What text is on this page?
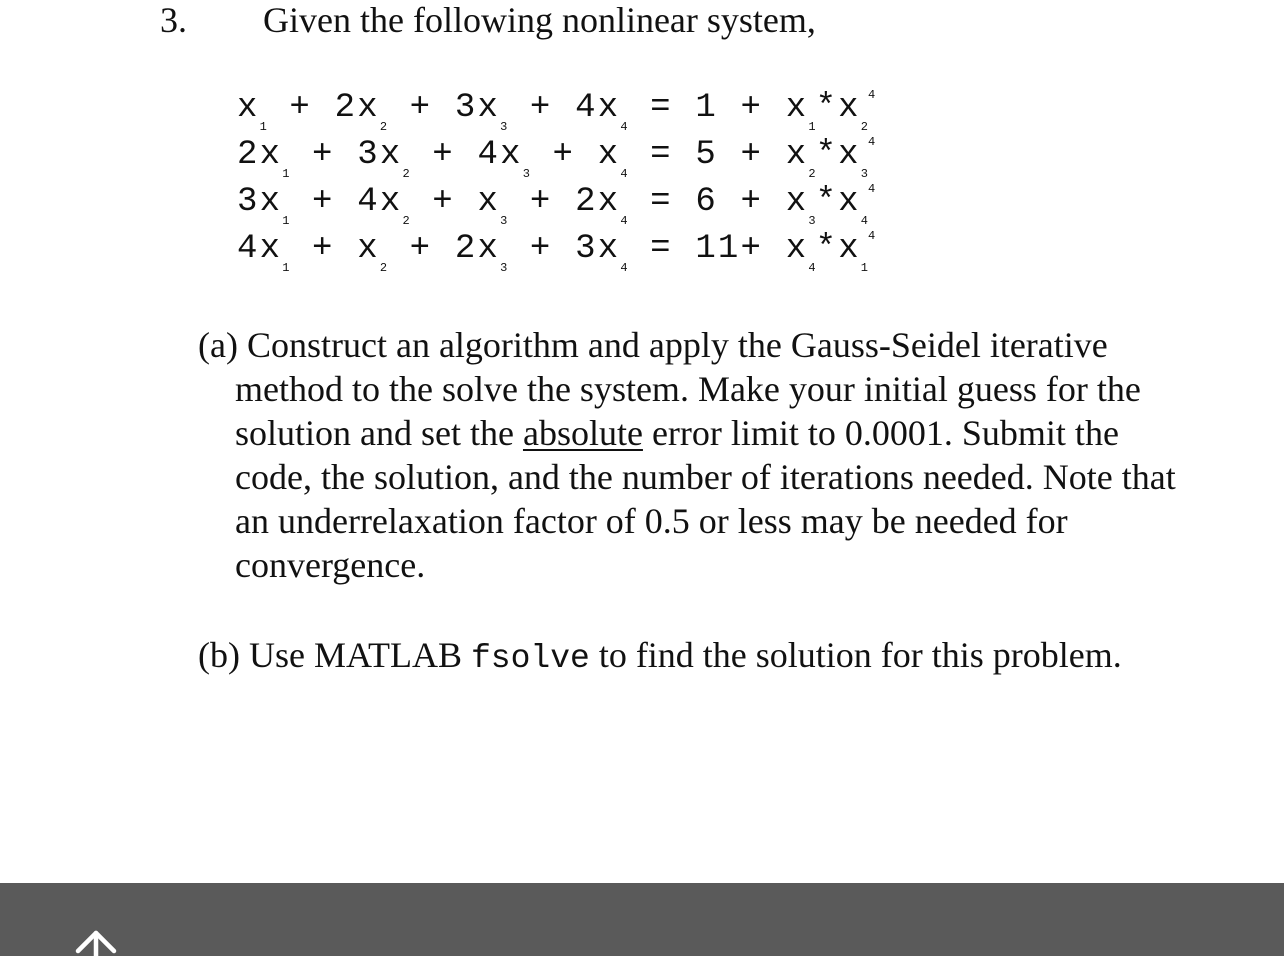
3. Given the following nonlinear system,
$x_1 + 2x_2 + 3x_3 + 4x_4 = 1 + x_1*x_2^4$
$2x_1 + 3x_2 + 4x_3 + x_4 = 5 + x_2*x_3^4$
$3x_1 + 4x_2 + x_3 + 2x_4 = 6 + x_3*x_4^4$
$4x_1 + x_2 + 2x_3 + 3x_4 = 11+ x_4*x_1^4$
(a) Construct an algorithm and apply the Gauss-Seidel iterative method to the solve the system. Make your initial guess for the solution and set the absolute error limit to 0.0001. Submit the code, the solution, and the number of iterations needed. Note that an underrelaxation factor of 0.5 or less may be needed for convergence.
(b) Use MATLAB fsolve to find the solution for this problem.
